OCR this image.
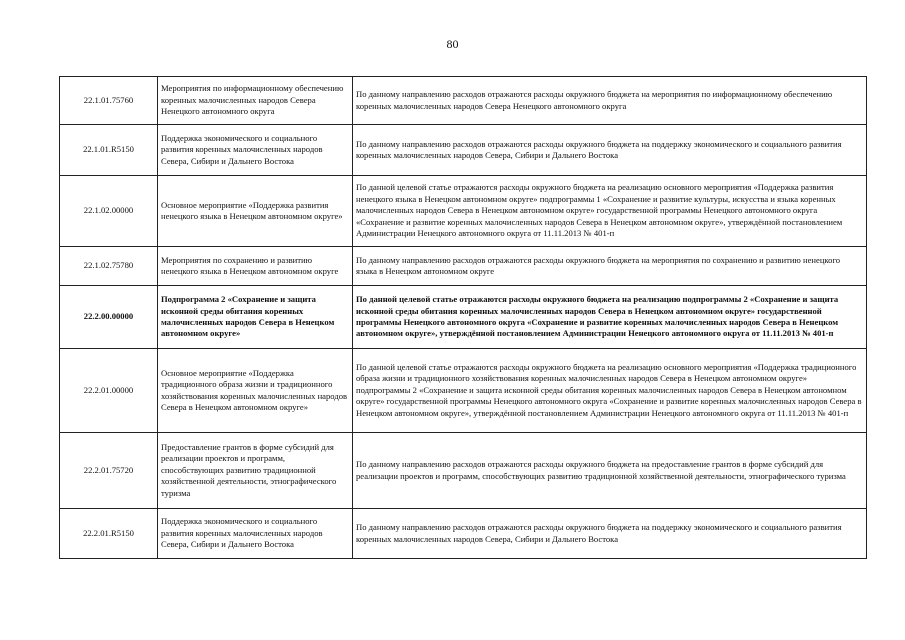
80
22.1.01.75760	Мероприятия по информационному обеспечению коренных малочисленных народов Севера Ненецкого автономного округа	По данному направлению расходов отражаются расходы окружного бюджета на мероприятия по информационному обеспечению коренных малочисленных народов Севера Ненецкого автономного округа
22.1.01.R5150	Поддержка экономического и социального развития коренных малочисленных народов Севера, Сибири и Дальнего Востока	По данному направлению расходов отражаются расходы окружного бюджета на поддержку экономического и социального развития коренных малочисленных народов Севера, Сибири и Дальнего Востока
22.1.02.00000	Основное мероприятие «Поддержка развития ненецкого языка в Ненецком автономном округе»	По данной целевой статье отражаются расходы окружного бюджета на реализацию основного мероприятия «Поддержка развития ненецкого языка в Ненецком автономном округе» подпрограммы 1 «Сохранение и развитие культуры, искусства и языка коренных малочисленных народов Севера в Ненецком автономном округе» государственной программы Ненецкого автономного округа «Сохранение и развитие коренных малочисленных народов Севера в Ненецком автономном округе», утверждённой постановлением Администрации Ненецкого автономного округа от 11.11.2013 № 401-п
22.1.02.75780	Мероприятия по сохранению и развитию ненецкого языка в Ненецком автономном округе	По данному направлению расходов отражаются расходы окружного бюджета на мероприятия по сохранению и развитию ненецкого языка в Ненецком автономном округе
22.2.00.00000	Подпрограмма 2 «Сохранение и защита исконной среды обитания коренных малочисленных народов Севера в Ненецком автономном округе»	По данной целевой статье отражаются расходы окружного бюджета на реализацию подпрограммы 2 «Сохранение и защита исконной среды обитания коренных малочисленных народов Севера в Ненецком автономном округе» государственной программы Ненецкого автономного округа «Сохранение и развитие коренных малочисленных народов Севера в Ненецком автономном округе», утверждённой постановлением Администрации Ненецкого автономного округа от 11.11.2013 № 401-п
22.2.01.00000	Основное мероприятие «Поддержка традиционного образа жизни и традиционного хозяйствования коренных малочисленных народов Севера в Ненецком автономном округе»	По данной целевой статье отражаются расходы окружного бюджета на реализацию основного мероприятия «Поддержка традиционного образа жизни и традиционного хозяйствования коренных малочисленных народов Севера в Ненецком автономном округе» подпрограммы 2 «Сохранение и защита исконной среды обитания коренных малочисленных народов Севера в Ненецком автономном округе» государственной программы Ненецкого автономного округа «Сохранение и развитие коренных малочисленных народов Севера в Ненецком автономном округе», утверждённой постановлением Администрации Ненецкого автономного округа от 11.11.2013 № 401-п
22.2.01.75720	Предоставление грантов в форме субсидий для реализации проектов и программ, способствующих развитию традиционной хозяйственной деятельности, этнографического туризма	По данному направлению расходов отражаются расходы окружного бюджета на предоставление грантов в форме субсидий для реализации проектов и программ, способствующих развитию традиционной хозяйственной деятельности, этнографического туризма
22.2.01.R5150	Поддержка экономического и социального развития коренных малочисленных народов Севера, Сибири и Дальнего Востока	По данному направлению расходов отражаются расходы окружного бюджета на поддержку экономического и социального развития коренных малочисленных народов Севера, Сибири и Дальнего Востока
